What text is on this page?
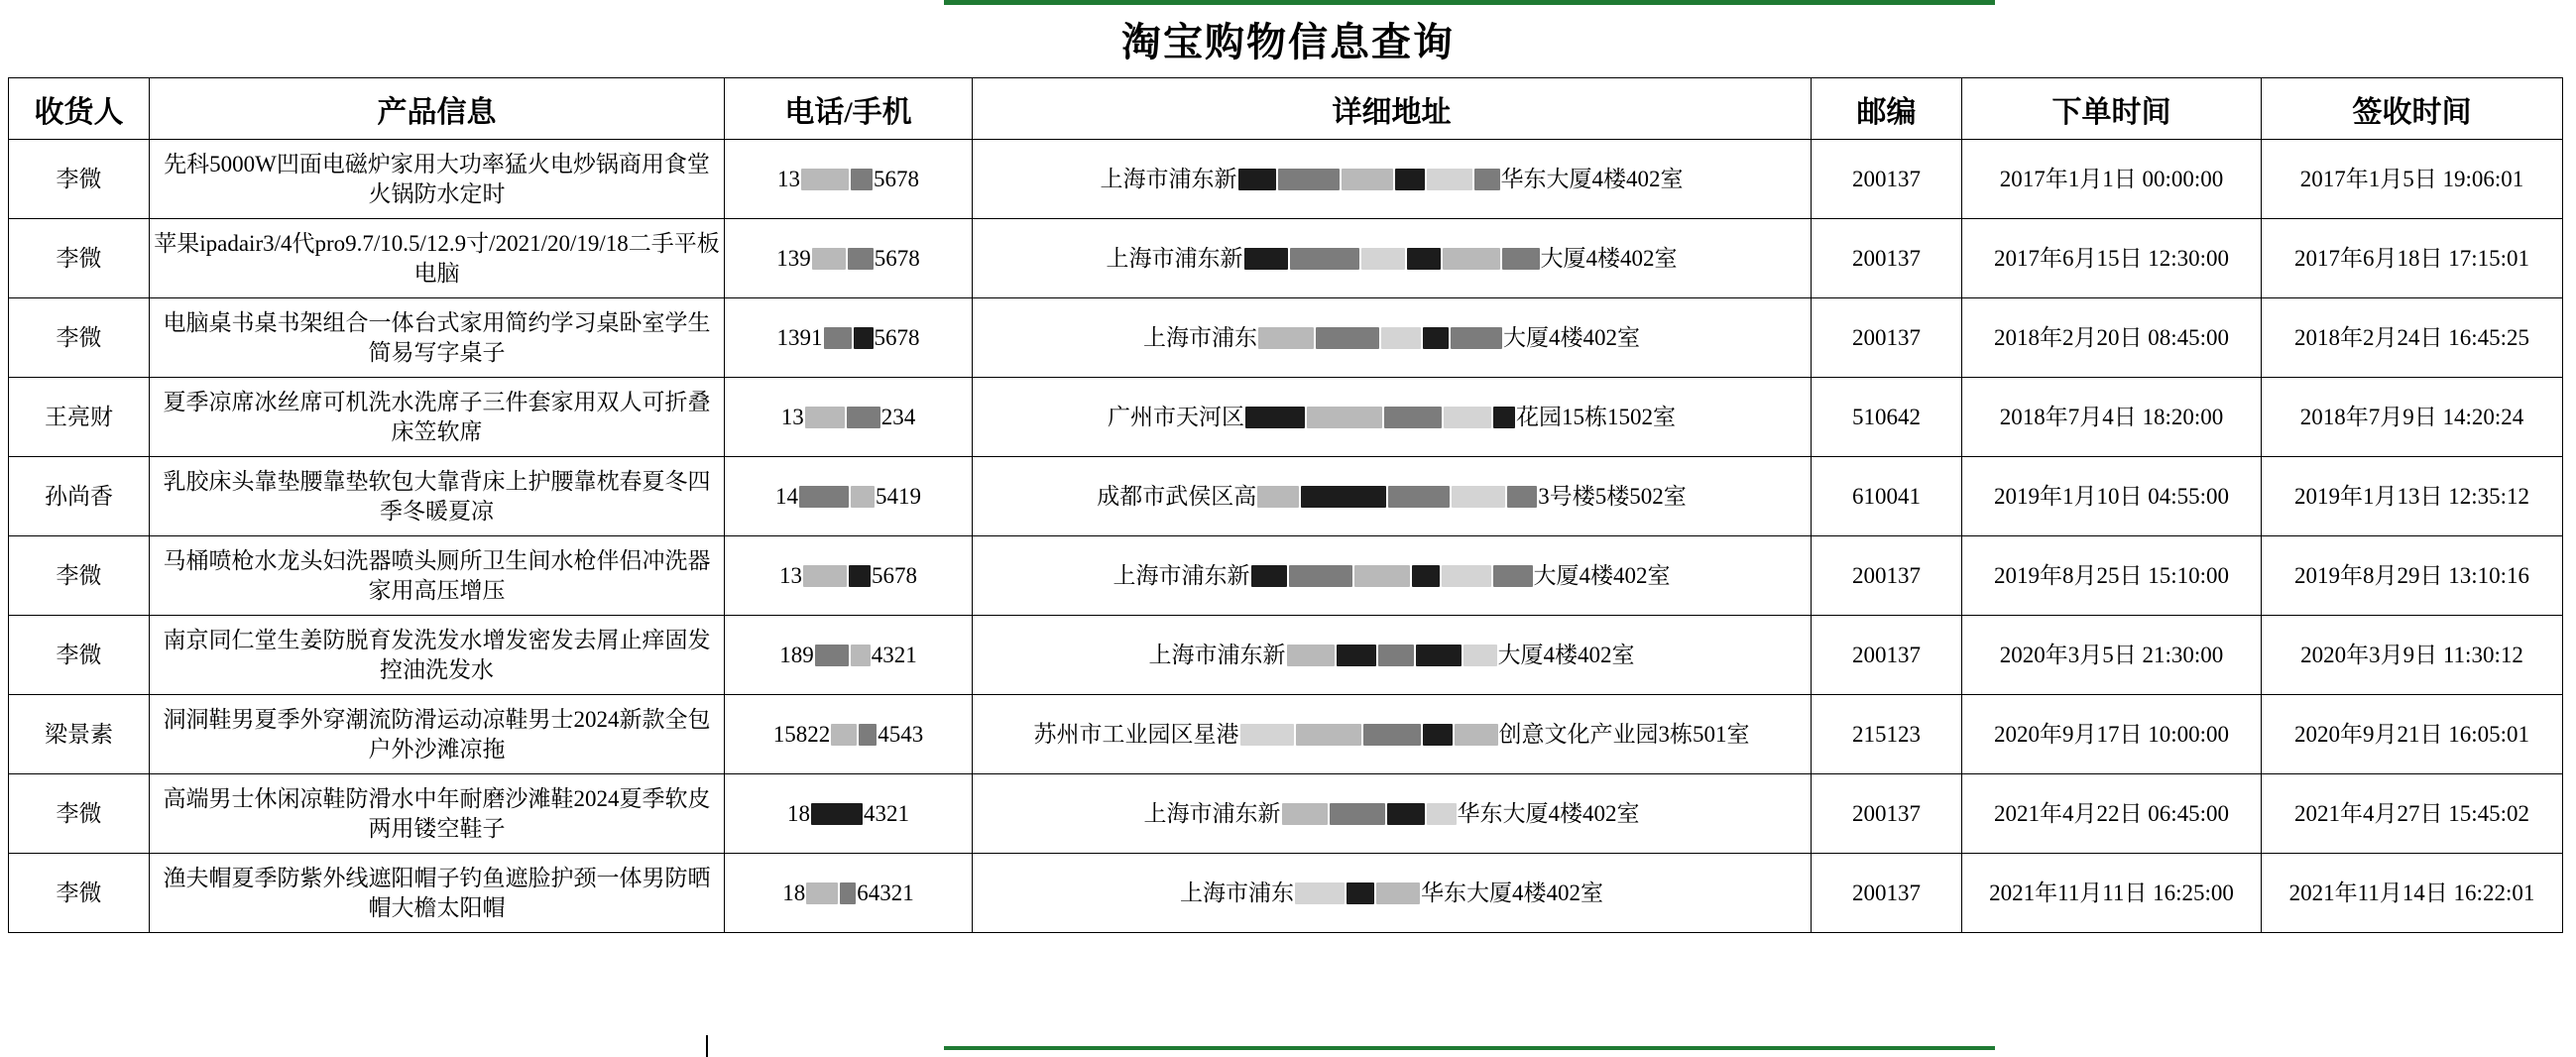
淘宝购物信息查询
收货人	产品信息	电话/手机	详细地址	邮编	下单时间	签收时间
李微	先科5000W凹面电磁炉家用大功率猛火电炒锅商用食堂火锅防水定时	13 5678	上海市浦东新 华东大厦4楼402室	200137	2017年1月1日 00:00:00	2017年1月5日 19:06:01
李微	苹果ipadair3/4代pro9.7/10.5/12.9寸/2021/20/19/18二手平板电脑	139 5678	上海市浦东新 大厦4楼402室	200137	2017年6月15日 12:30:00	2017年6月18日 17:15:01
李微	电脑桌书桌书架组合一体台式家用简约学习桌卧室学生简易写字桌子	1391 5678	上海市浦东 大厦4楼402室	200137	2018年2月20日 08:45:00	2018年2月24日 16:45:25
王亮财	夏季凉席冰丝席可机洗水洗席子三件套家用双人可折叠床笠软席	13 234	广州市天河区 花园15栋1502室	510642	2018年7月4日 18:20:00	2018年7月9日 14:20:24
孙尚香	乳胶床头靠垫腰靠垫软包大靠背床上护腰靠枕春夏冬四季冬暖夏凉	14 5419	成都市武侯区高 3号楼5楼502室	610041	2019年1月10日 04:55:00	2019年1月13日 12:35:12
李微	马桶喷枪水龙头妇洗器喷头厕所卫生间水枪伴侣冲洗器家用高压增压	13 5678	上海市浦东新 大厦4楼402室	200137	2019年8月25日 15:10:00	2019年8月29日 13:10:16
李微	南京同仁堂生姜防脱育发洗发水增发密发去屑止痒固发控油洗发水	189 4321	上海市浦东新 大厦4楼402室	200137	2020年3月5日 21:30:00	2020年3月9日 11:30:12
梁景素	洞洞鞋男夏季外穿潮流防滑运动凉鞋男士2024新款全包户外沙滩凉拖	15822 4543	苏州市工业园区星港 创意文化产业园3栋501室	215123	2020年9月17日 10:00:00	2020年9月21日 16:05:01
李微	高端男士休闲凉鞋防滑水中年耐磨沙滩鞋2024夏季软皮两用镂空鞋子	18 4321	上海市浦东新 华东大厦4楼402室	200137	2021年4月22日 06:45:00	2021年4月27日 15:45:02
李微	渔夫帽夏季防紫外线遮阳帽子钓鱼遮脸护颈一体男防晒帽大檐太阳帽	18 64321	上海市浦东 华东大厦4楼402室	200137	2021年11月11日 16:25:00	2021年11月14日 16:22:01
